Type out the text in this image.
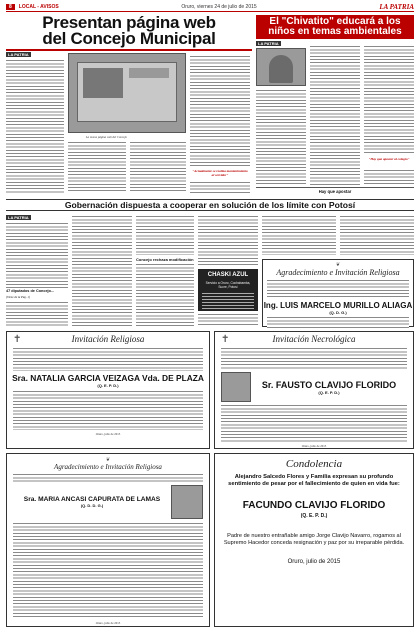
8	LOCAL - AVISOS	Oruro, viernes 24 de julio de 2015	LA PATRIA
Presentan página web
del Concejo Municipal
LA PATRIA
La nueva página web del Concejo
"Actualmente se realiza mantenimiento al servidor"
El "Chivatito" educará a los
niños en temas ambientales
LA PATRIA
"Hay que apostar al colegio"
Hay que apostar
Gobernación dispuesta a cooperar en solución de los límite con Potosí
LA PATRIA
47 diputados de Concejo...
(Viene de la Pág. 1)
Concejo rechaza modificación
CHASKI AZUL
Servicio a Oruro, Cochabamba, Sucre, Potosí
❦
Agradecimiento e Invitación Religiosa
Ing. LUIS MARCELO MURILLO ALIAGA
(Q. D. G.)
✝	Invitación Religiosa
Sra. NATALIA GARCIA VEIZAGA Vda. DE PLAZA
(Q. E. P. D.)
Oruro, julio de 2015
✝	Invitación Necrológica
Sr. FAUSTO CLAVIJO FLORIDO
(Q. E. P. D.)
Oruro, julio de 2015
❦
Agradecimiento e Invitación Religiosa
Sra. MARIA ANCASI CAPURATA DE LAMAS
(Q. D. D. G.)
Oruro, julio de 2015
Condolencia
Alejandro Salcedo Flores y Familia expresan su profundo sentimiento de pesar por el fallecimiento de quien en vida fue:
FACUNDO CLAVIJO FLORIDO
(Q. E. P. D.)
Padre de nuestro entrañable amigo Jorge Clavijo Navarro, rogamos al Supremo Hacedor conceda resignación y paz por su irreparable pérdida.
Oruro, julio de 2015
